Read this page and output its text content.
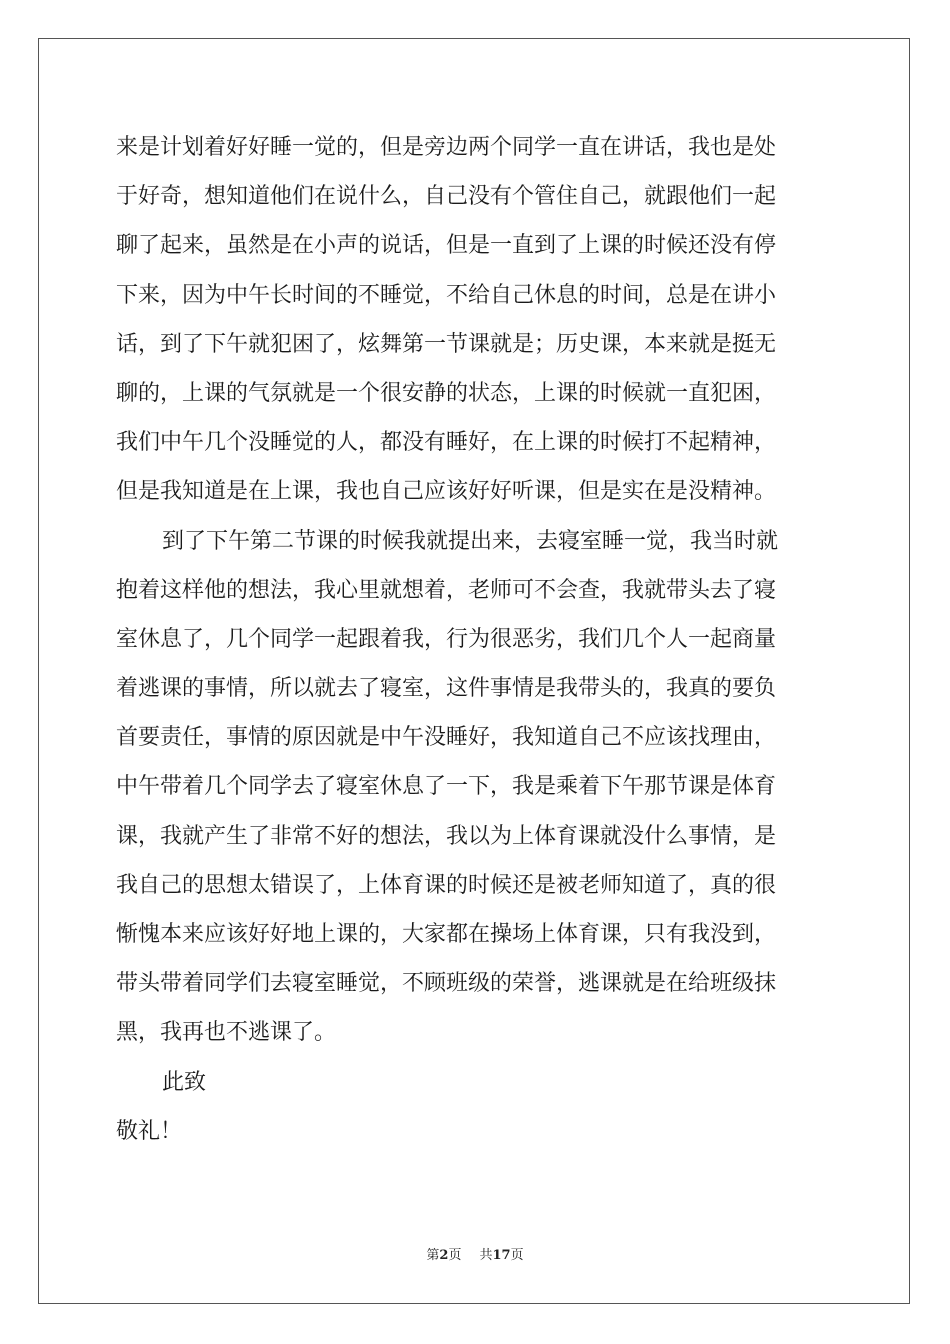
来是计划着好好睡一觉的，但是旁边两个同学一直在讲话，我也是处
于好奇，想知道他们在说什么，自己没有个管住自己，就跟他们一起
聊了起来，虽然是在小声的说话，但是一直到了上课的时候还没有停
下来，因为中午长时间的不睡觉，不给自己休息的时间，总是在讲小
话，到了下午就犯困了，炫舞第一节课就是；历史课，本来就是挺无
聊的，上课的气氛就是一个很安静的状态，上课的时候就一直犯困，
我们中午几个没睡觉的人，都没有睡好，在上课的时候打不起精神，
但是我知道是在上课，我也自己应该好好听课，但是实在是没精神。
到了下午第二节课的时候我就提出来，去寝室睡一觉，我当时就
抱着这样他的想法，我心里就想着，老师可不会查，我就带头去了寝
室休息了，几个同学一起跟着我，行为很恶劣，我们几个人一起商量
着逃课的事情，所以就去了寝室，这件事情是我带头的，我真的要负
首要责任，事情的原因就是中午没睡好，我知道自己不应该找理由，
中午带着几个同学去了寝室休息了一下，我是乘着下午那节课是体育
课，我就产生了非常不好的想法，我以为上体育课就没什么事情，是
我自己的思想太错误了，上体育课的时候还是被老师知道了，真的很
惭愧本来应该好好地上课的，大家都在操场上体育课，只有我没到，
带头带着同学们去寝室睡觉，不顾班级的荣誉，逃课就是在给班级抹
黑，我再也不逃课了。
此致
敬礼！
第2页 共17页
